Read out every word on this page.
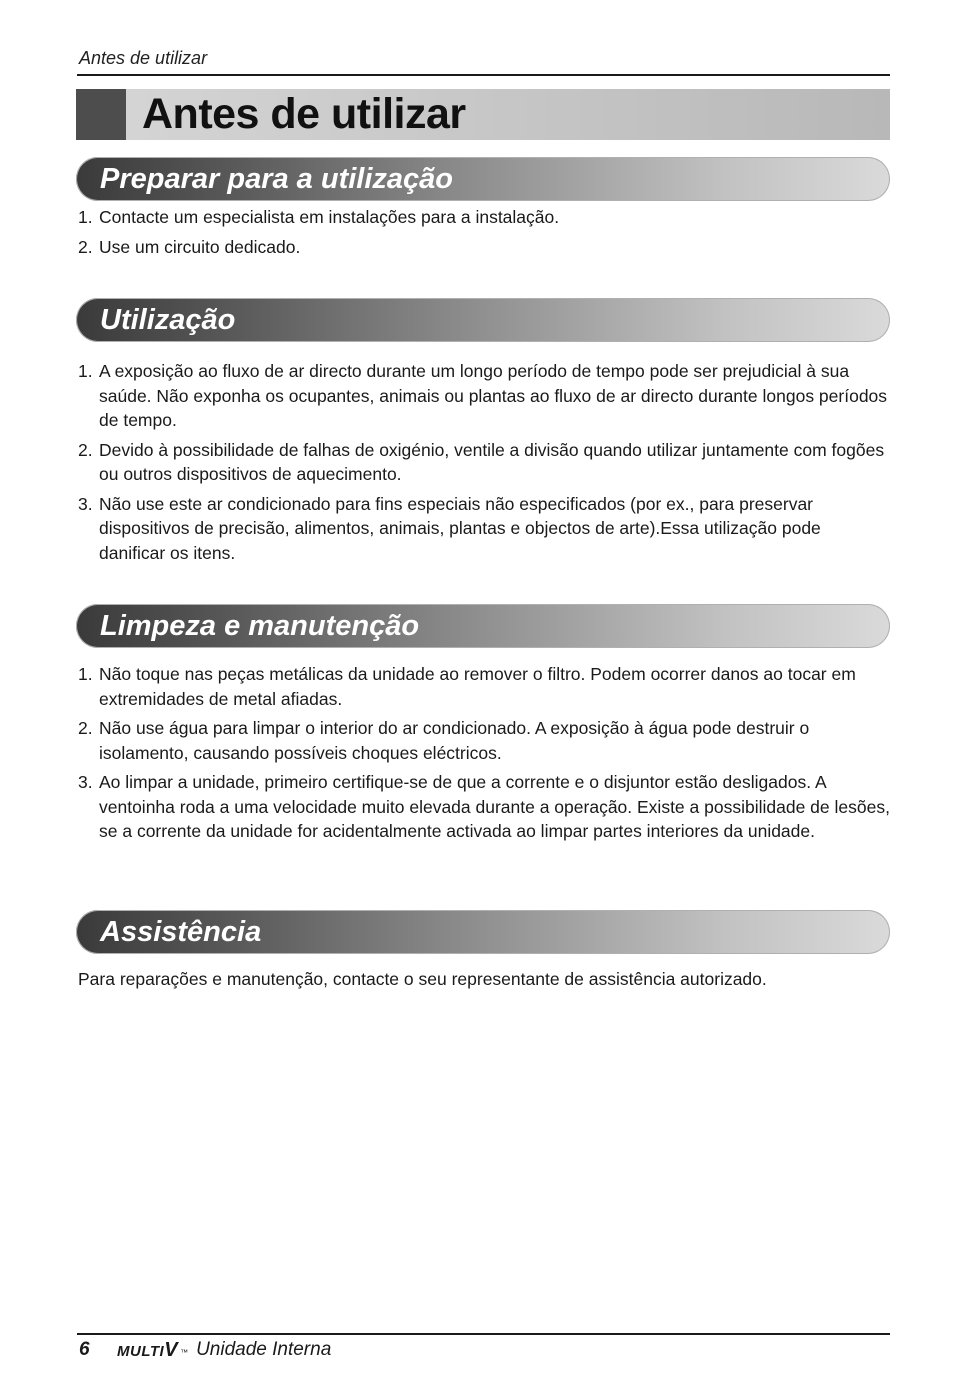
Antes de utilizar
Antes de utilizar
Preparar para a utilização
1. Contacte um especialista em instalações para a instalação.
2. Use um circuito dedicado.
Utilização
1. A exposição ao fluxo de ar directo durante um longo período de tempo pode ser prejudicial à sua saúde. Não exponha os ocupantes, animais ou plantas ao fluxo de ar directo durante longos períodos de tempo.
2. Devido à possibilidade de falhas de oxigénio, ventile a divisão quando utilizar juntamente com fogões ou outros dispositivos de aquecimento.
3. Não use este ar condicionado para fins especiais não especificados (por ex., para preservar dispositivos de precisão, alimentos, animais, plantas e objectos de arte).Essa utilização pode danificar os itens.
Limpeza e manutenção
1. Não toque nas peças metálicas da unidade ao remover o filtro. Podem ocorrer danos ao tocar em extremidades de metal afiadas.
2. Não use água para limpar o interior do ar condicionado. A exposição à água pode destruir o isolamento, causando possíveis choques eléctricos.
3. Ao limpar a unidade, primeiro certifique-se de que a corrente e o disjuntor estão desligados. A ventoinha roda a uma velocidade muito elevada durante a operação. Existe a possibilidade de lesões, se a corrente da unidade for acidentalmente activada ao limpar partes interiores da unidade.
Assistência
Para reparações e manutenção, contacte o seu representante de assistência autorizado.
6	MULTIV ™ Unidade Interna
